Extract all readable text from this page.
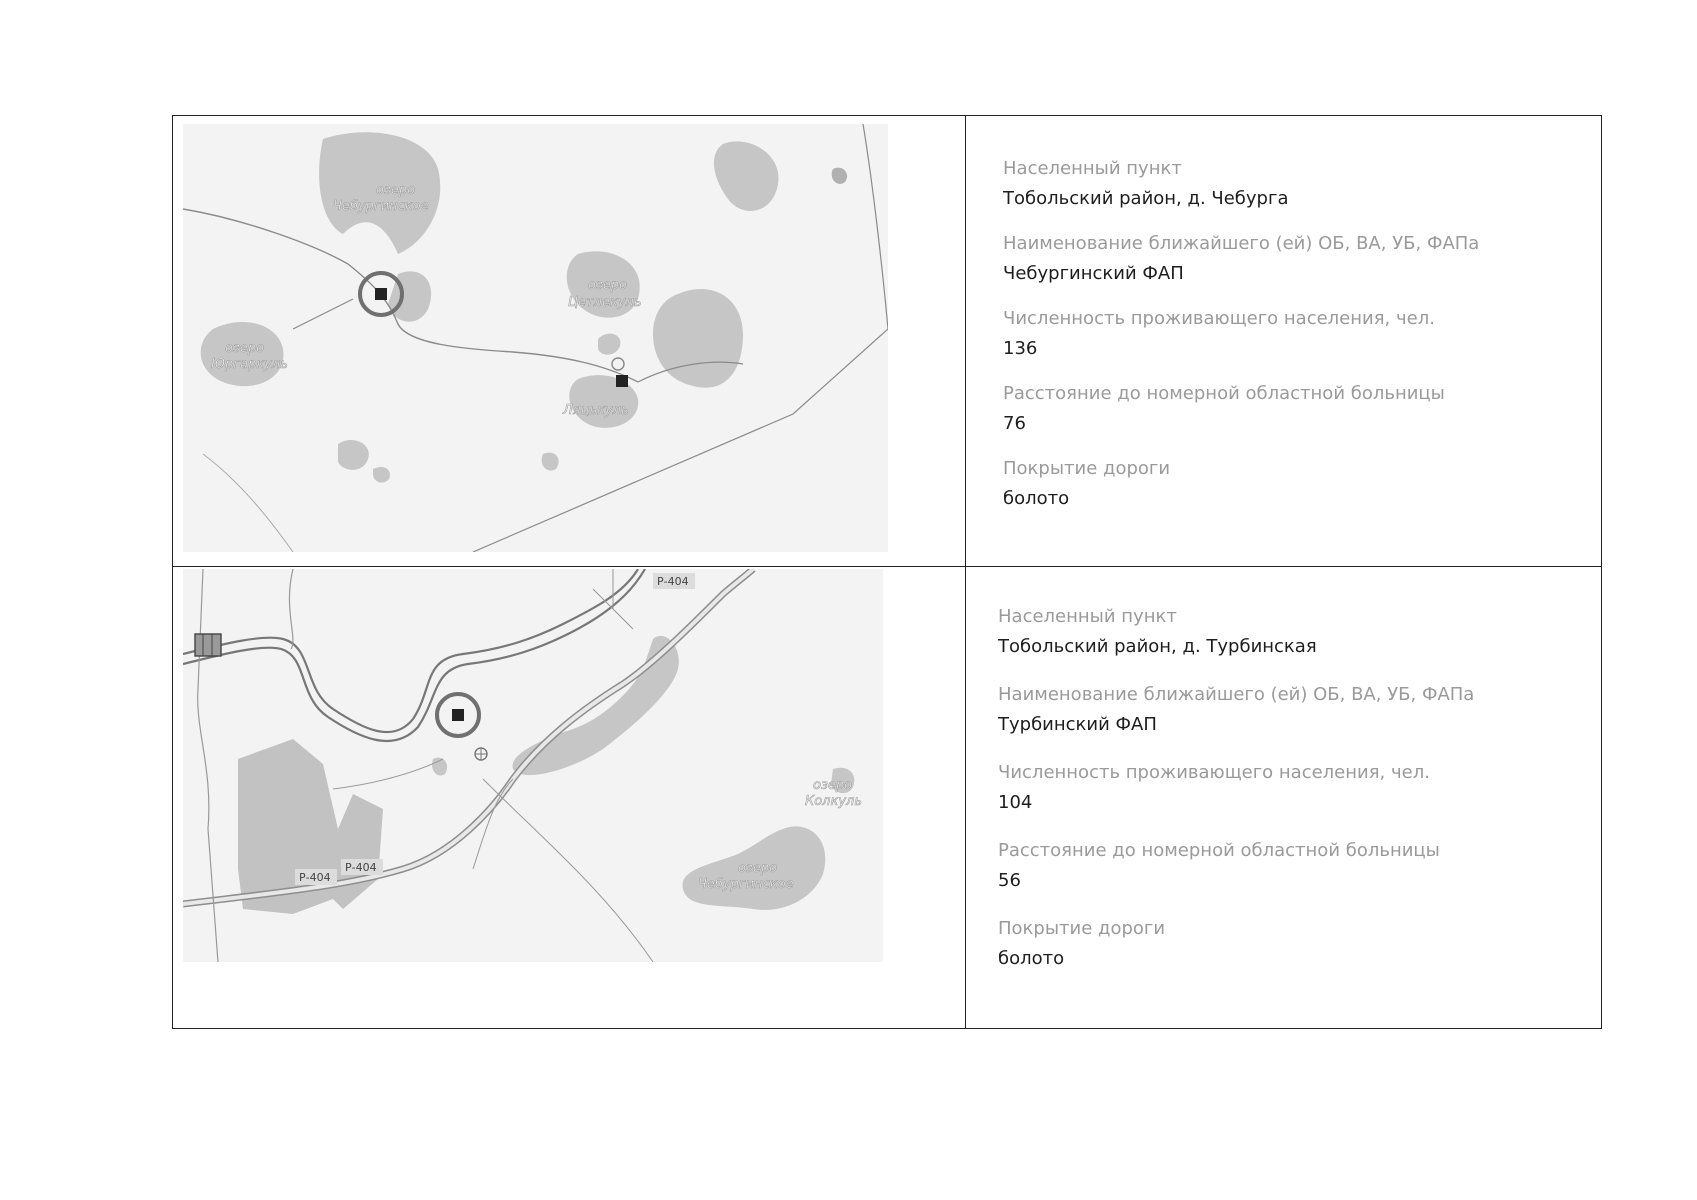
озеро
Чебургинское
озеро
Цетлекуль
озеро
Юргаркуль
Ляцькуль
Населенный пункт
Тобольский район, д. Чебурга
Наименование ближайшего (ей) ОБ, ВА, УБ, ФАПа
Чебургинский ФАП
Численность проживающего населения, чел.
136
Расстояние до номерной областной больницы
76
Покрытие дороги
болото
Р-404
Р-404
Р-404
озеро
Колкуль
озеро
Чебургинское
Населенный пункт
Тобольский район, д. Турбинская
Наименование ближайшего (ей) ОБ, ВА, УБ, ФАПа
Турбинский ФАП
Численность проживающего населения, чел.
104
Расстояние до номерной областной больницы
56
Покрытие дороги
болото
